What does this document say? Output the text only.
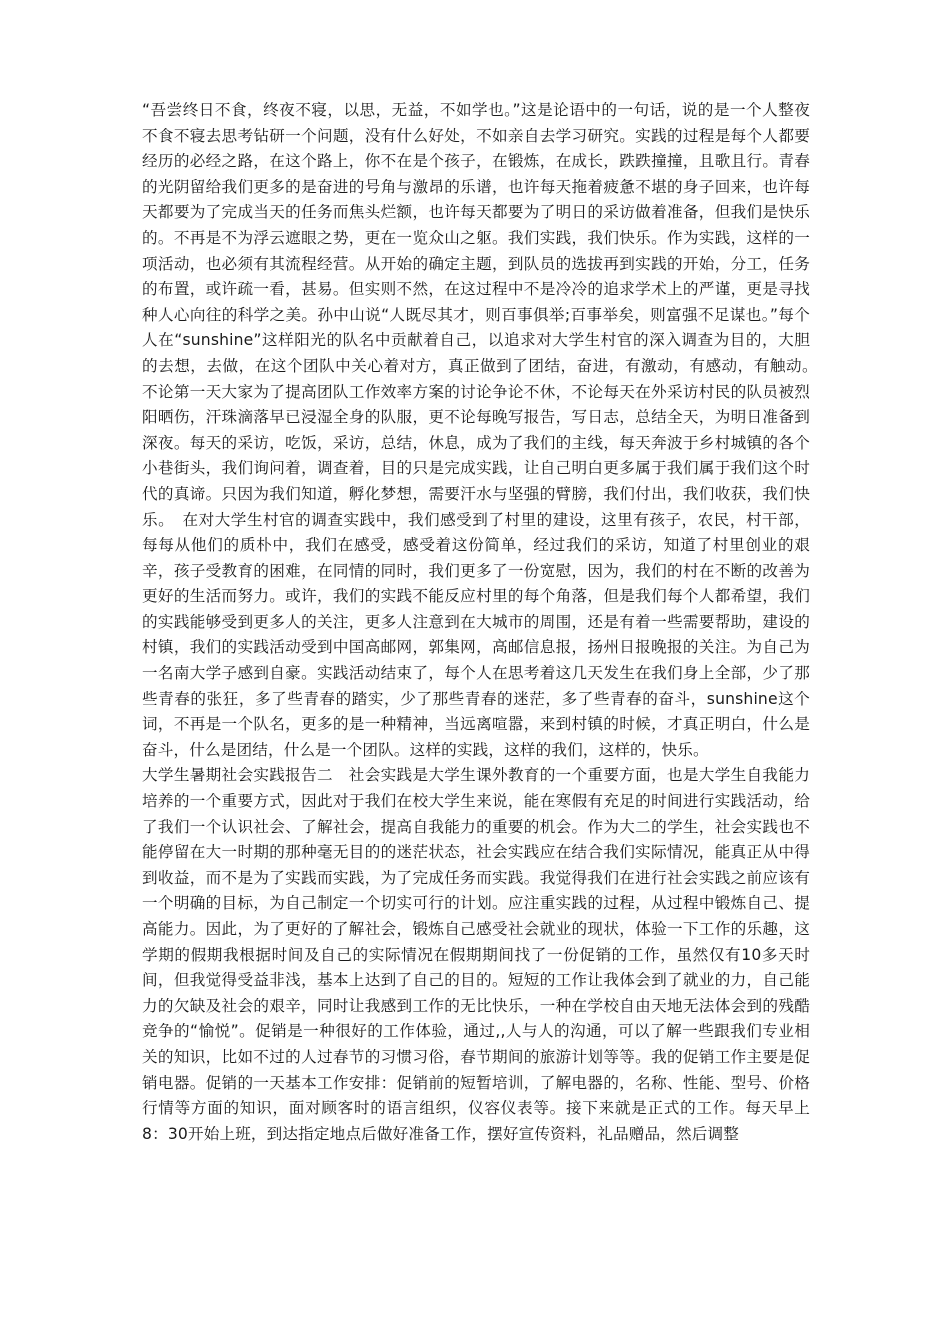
“吾尝终日不食，终夜不寝，以思，无益，不如学也。”这是论语中的一句话，说的是一个人整夜不食不寝去思考钻研一个问题，没有什么好处，不如亲自去学习研究。实践的过程是每个人都要经历的必经之路，在这个路上，你不在是个孩子，在锻炼，在成长，跌跌撞撞，且歌且行。青春的光阴留给我们更多的是奋进的号角与激昂的乐谱，也许每天拖着疲惫不堪的身子回来，也许每天都要为了完成当天的任务而焦头烂额，也许每天都要为了明日的采访做着准备，但我们是快乐的。不再是不为浮云遮眼之势，更在一览众山之躯。我们实践，我们快乐。作为实践，这样的一项活动，也必须有其流程经营。从开始的确定主题，到队员的选拔再到实践的开始，分工，任务的布置，或许疏一看，甚易。但实则不然，在这过程中不是冷冷的追求学术上的严谨，更是寻找种人心向往的科学之美。孙中山说“人既尽其才，则百事俱举;百事举矣，则富强不足谋也。”每个人在“sunshine”这样阳光的队名中贡献着自己，以追求对大学生村官的深入调查为目的，大胆的去想，去做，在这个团队中关心着对方，真正做到了团结，奋进，有激动，有感动，有触动。　不论第一天大家为了提高团队工作效率方案的讨论争论不休，不论每天在外采访村民的队员被烈阳晒伤，汗珠滴落早已浸湿全身的队服，更不论每晚写报告，写日志，总结全天，为明日准备到深夜。每天的采访，吃饭，采访，总结，休息，成为了我们的主线，每天奔波于乡村城镇的各个小巷街头，我们询问着，调查着，目的只是完成实践，让自己明白更多属于我们属于我们这个时代的真谛。只因为我们知道，孵化梦想，需要汗水与坚强的臂膀，我们付出，我们收获，我们快乐。　在对大学生村官的调查实践中，我们感受到了村里的建设，这里有孩子，农民，村干部，每每从他们的质朴中，我们在感受，感受着这份简单，经过我们的采访，知道了村里创业的艰辛，孩子受教育的困难，在同情的同时，我们更多了一份宽慰，因为，我们的村在不断的改善为更好的生活而努力。或许，我们的实践不能反应村里的每个角落，但是我们每个人都希望，我们的实践能够受到更多人的关注，更多人注意到在大城市的周围，还是有着一些需要帮助，建设的村镇，我们的实践活动受到中国高邮网，郭集网，高邮信息报，扬州日报晚报的关注。为自己为一名南大学子感到自豪。实践活动结束了，每个人在思考着这几天发生在我们身上全部，少了那些青春的张狂，多了些青春的踏实，少了那些青春的迷茫，多了些青春的奋斗，sunshine这个词，不再是一个队名，更多的是一种精神，当远离喧嚣，来到村镇的时候，才真正明白，什么是奋斗，什么是团结，什么是一个团队。这样的实践，这样的我们，这样的，快乐。

大学生暑期社会实践报告二　社会实践是大学生课外教育的一个重要方面，也是大学生自我能力培养的一个重要方式，因此对于我们在校大学生来说，能在寒假有充足的时间进行实践活动，给了我们一个认识社会、了解社会，提高自我能力的重要的机会。作为大二的学生，社会实践也不能停留在大一时期的那种毫无目的的迷茫状态，社会实践应在结合我们实际情况，能真正从中得到收益，而不是为了实践而实践，为了完成任务而实践。我觉得我们在进行社会实践之前应该有一个明确的目标，为自己制定一个切实可行的计划。应注重实践的过程，从过程中锻炼自己、提高能力。因此，为了更好的了解社会，锻炼自己感受社会就业的现状，体验一下工作的乐趣，这学期的假期我根据时间及自己的实际情况在假期期间找了一份促销的工作，虽然仅有10多天时间，但我觉得受益非浅，基本上达到了自己的目的。短短的工作让我体会到了就业的力，自己能力的欠缺及社会的艰辛，同时让我感到工作的无比快乐，一种在学校自由天地无法体会到的残酷竞争的“愉悦”。促销是一种很好的工作体验，通过,,人与人的沟通，可以了解一些跟我们专业相关的知识，比如不过的人过春节的习惯习俗，春节期间的旅游计划等等。我的促销工作主要是促销电器。促销的一天基本工作安排：促销前的短暂培训，了解电器的，名称、性能、型号、价格行情等方面的知识，面对顾客时的语言组织，仪容仪表等。接下来就是正式的工作。每天早上8：30开始上班，到达指定地点后做好准备工作，摆好宣传资料，礼品赠品，然后调整
